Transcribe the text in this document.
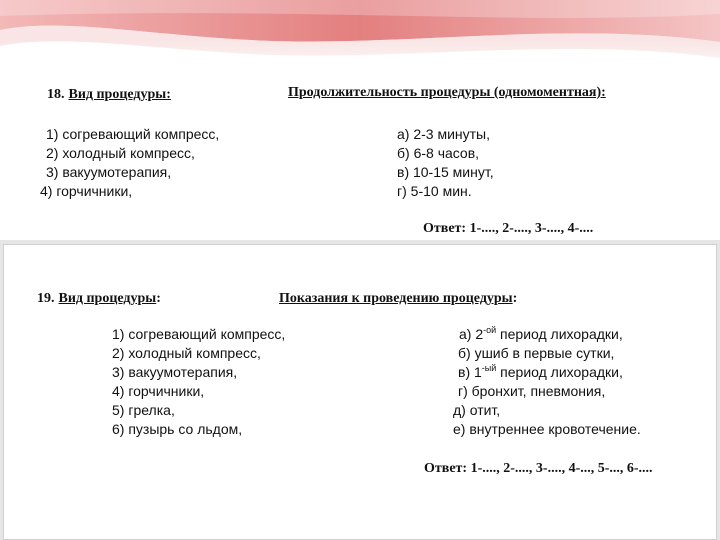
18. Вид процедуры:	Продолжительность процедуры (одномоментная):
1) согревающий компресс,
2) холодный компресс,
3) вакуумотерапия,
4) горчичники,
а) 2-3 минуты,
б) 6-8 часов,
в) 10-15 минут,
г) 5-10 мин.
Ответ: 1-...., 2-...., 3-...., 4-....
19. Вид процедуры:	Показания к проведению процедуры:
1) согревающий компресс,
2) холодный компресс,
3) вакуумотерапия,
4) горчичники,
5) грелка,
6) пузырь со льдом,
а) $2^{-ой}$ период лихорадки,
б) ушиб в первые сутки,
в) $1^{-ый}$ период лихорадки,
г) бронхит, пневмония,
д) отит,
е) внутреннее кровотечение.
Ответ: 1-...., 2-...., 3-...., 4-..., 5-..., 6-....
